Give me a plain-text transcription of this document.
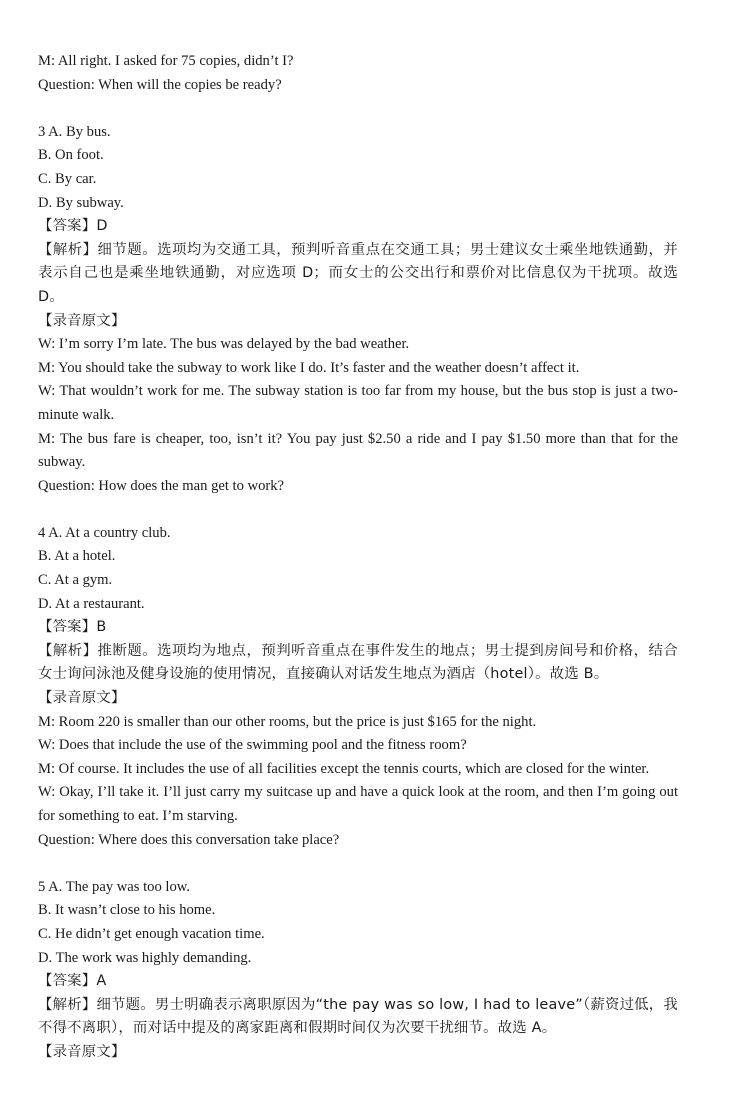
M: All right. I asked for 75 copies, didn’t I?
Question: When will the copies be ready?
3 A. By bus.
B. On foot.
C. By car.
D. By subway.
【答案】D
【解析】细节题。选项均为交通工具，预判听音重点在交通工具；男士建议女士乘坐地铁通勤，并表示自己也是乘坐地铁通勤，对应选项 D；而女士的公交出行和票价对比信息仅为干扰项。故选 D。
【录音原文】
W: I’m sorry I’m late. The bus was delayed by the bad weather.
M: You should take the subway to work like I do. It’s faster and the weather doesn’t affect it.
W: That wouldn’t work for me. The subway station is too far from my house, but the bus stop is just a two-minute walk.
M: The bus fare is cheaper, too, isn’t it? You pay just $2.50 a ride and I pay $1.50 more than that for the subway.
Question: How does the man get to work?
4 A. At a country club.
B. At a hotel.
C. At a gym.
D. At a restaurant.
【答案】B
【解析】推断题。选项均为地点，预判听音重点在事件发生的地点；男士提到房间号和价格，结合女士询问泳池及健身设施的使用情况，直接确认对话发生地点为酒店（hotel）。故选 B。
【录音原文】
M: Room 220 is smaller than our other rooms, but the price is just $165 for the night.
W: Does that include the use of the swimming pool and the fitness room?
M: Of course. It includes the use of all facilities except the tennis courts, which are closed for the winter.
W: Okay, I’ll take it. I’ll just carry my suitcase up and have a quick look at the room, and then I’m going out for something to eat. I’m starving.
Question: Where does this conversation take place?
5 A. The pay was too low.
B. It wasn’t close to his home.
C. He didn’t get enough vacation time.
D. The work was highly demanding.
【答案】A
【解析】细节题。男士明确表示离职原因为“the pay was so low, I had to leave”（薪资过低，我不得不离职），而对话中提及的离家距离和假期时间仅为次要干扰细节。故选 A。
【录音原文】
